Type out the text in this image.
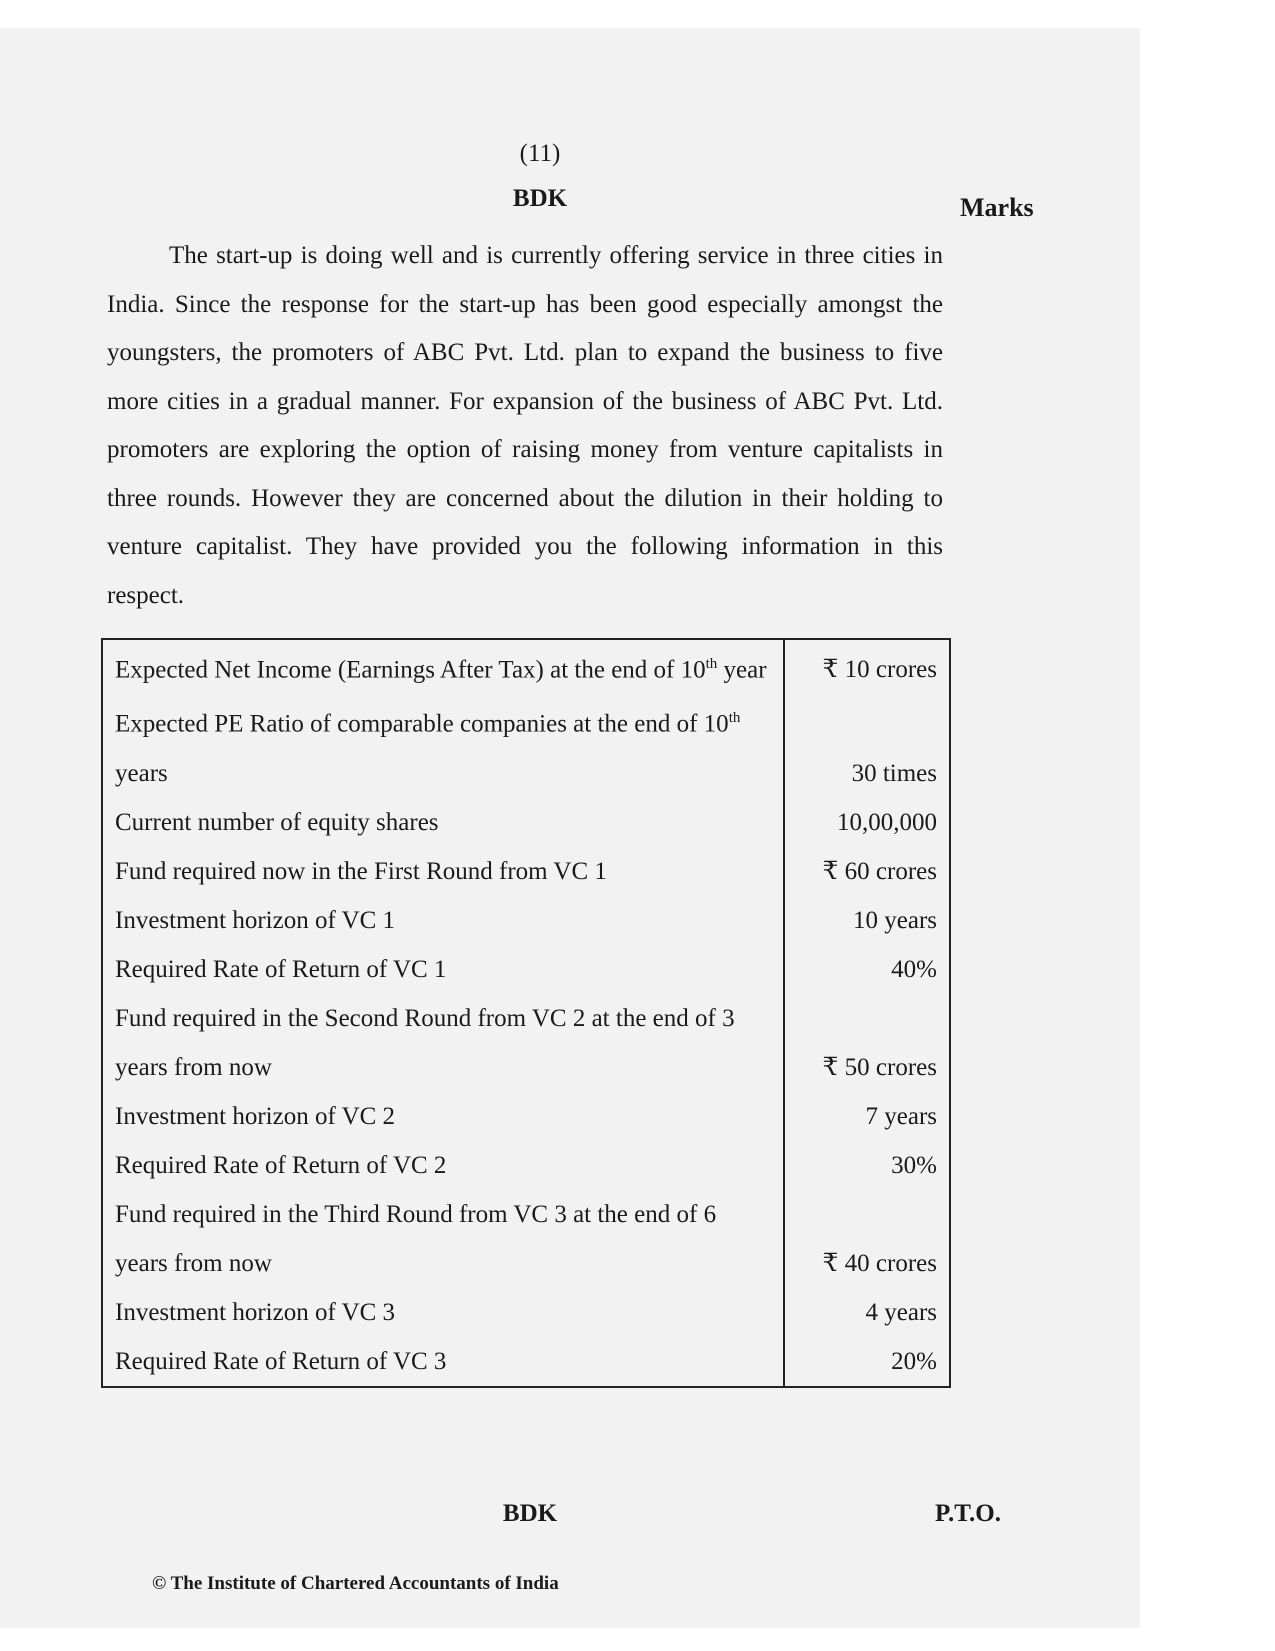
(11)
BDK	Marks
The start-up is doing well and is currently offering service in three cities in India. Since the response for the start-up has been good especially amongst the youngsters, the promoters of ABC Pvt. Ltd. plan to expand the business to five more cities in a gradual manner. For expansion of the business of ABC Pvt. Ltd. promoters are exploring the option of raising money from venture capitalists in three rounds. However they are concerned about the dilution in their holding to venture capitalist. They have provided you the following information in this respect.
Expected Net Income (Earnings After Tax) at the end of 10th year	₹ 10 crores
Expected PE Ratio of comparable companies at the end of 10th years	30 times
Current number of equity shares	10,00,000
Fund required now in the First Round from VC 1	₹ 60 crores
Investment horizon of VC 1	10 years
Required Rate of Return of VC 1	40%
Fund required in the Second Round from VC 2 at the end of 3 years from now	₹ 50 crores
Investment horizon of VC 2	7 years
Required Rate of Return of VC 2	30%
Fund required in the Third Round from VC 3 at the end of 6 years from now	₹ 40 crores
Investment horizon of VC 3	4 years
Required Rate of Return of VC 3	20%
BDK	P.T.O.
© The Institute of Chartered Accountants of India
